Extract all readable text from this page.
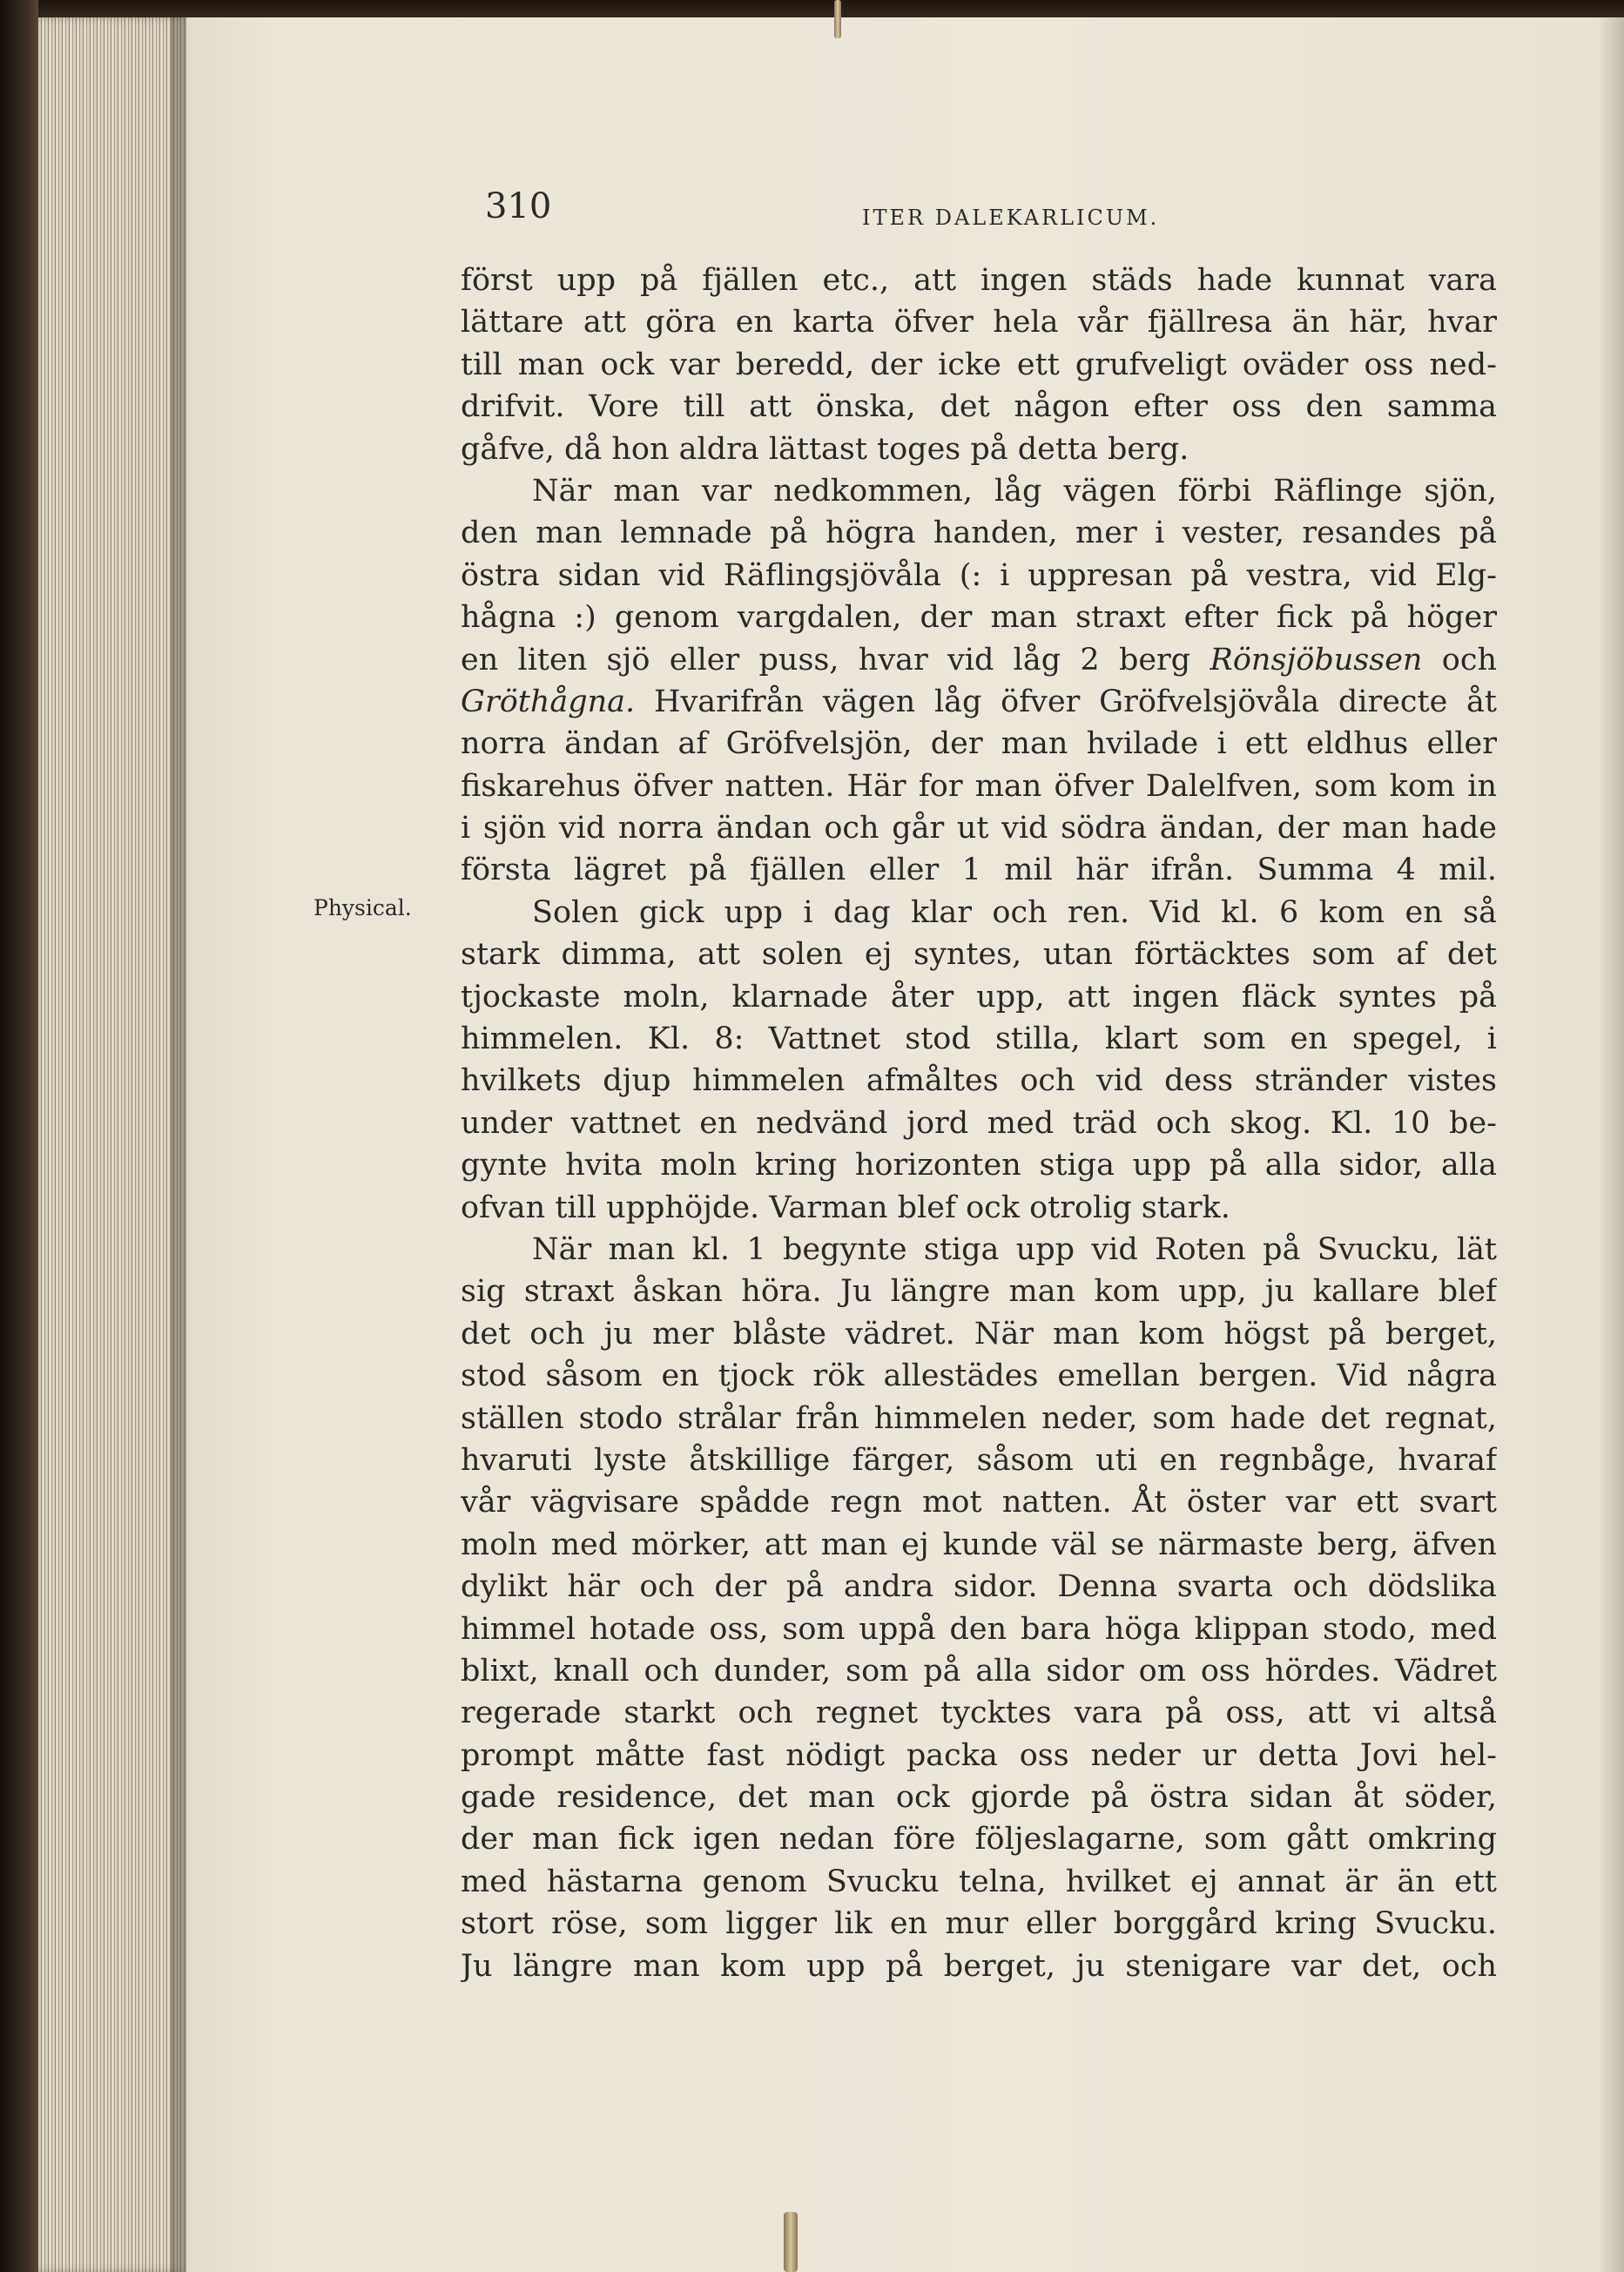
310	ITER DALEKARLICUM.
Physical.
först upp på fjällen etc., att ingen städs hade kunnat vara
lättare att göra en karta öfver hela vår fjällresa än här, hvar
till man ock var beredd, der icke ett grufveligt oväder oss ned-
drifvit. Vore till att önska, det någon efter oss den samma
gåfve, då hon aldra lättast toges på detta berg.
När man var nedkommen, låg vägen förbi Räflinge sjön,
den man lemnade på högra handen, mer i vester, resandes på
östra sidan vid Räflingsjövåla (: i uppresan på vestra, vid Elg-
hågna :) genom vargdalen, der man straxt efter fick på höger
en liten sjö eller puss, hvar vid låg 2 berg Rönsjöbussen och
Gröthågna. Hvarifrån vägen låg öfver Gröfvelsjövåla directe åt
norra ändan af Gröfvelsjön, der man hvilade i ett eldhus eller
fiskarehus öfver natten. Här for man öfver Dalelfven, som kom in
i sjön vid norra ändan och går ut vid södra ändan, der man hade
första lägret på fjällen eller 1 mil här ifrån. Summa 4 mil.
Solen gick upp i dag klar och ren. Vid kl. 6 kom en så
stark dimma, att solen ej syntes, utan förtäcktes som af det
tjockaste moln, klarnade åter upp, att ingen fläck syntes på
himmelen. Kl. 8: Vattnet stod stilla, klart som en spegel, i
hvilkets djup himmelen afmåltes och vid dess stränder vistes
under vattnet en nedvänd jord med träd och skog. Kl. 10 be-
gynte hvita moln kring horizonten stiga upp på alla sidor, alla
ofvan till upphöjde. Varman blef ock otrolig stark.
När man kl. 1 begynte stiga upp vid Roten på Svucku, lät
sig straxt åskan höra. Ju längre man kom upp, ju kallare blef
det och ju mer blåste vädret. När man kom högst på berget,
stod såsom en tjock rök allestädes emellan bergen. Vid några
ställen stodo strålar från himmelen neder, som hade det regnat,
hvaruti lyste åtskillige färger, såsom uti en regnbåge, hvaraf
vår vägvisare spådde regn mot natten. Åt öster var ett svart
moln med mörker, att man ej kunde väl se närmaste berg, äfven
dylikt här och der på andra sidor. Denna svarta och dödslika
himmel hotade oss, som uppå den bara höga klippan stodo, med
blixt, knall och dunder, som på alla sidor om oss hördes. Vädret
regerade starkt och regnet tycktes vara på oss, att vi altså
prompt måtte fast nödigt packa oss neder ur detta Jovi hel-
gade residence, det man ock gjorde på östra sidan åt söder,
der man fick igen nedan före följeslagarne, som gått omkring
med hästarna genom Svucku telna, hvilket ej annat är än ett
stort röse, som ligger lik en mur eller borggård kring Svucku.
Ju längre man kom upp på berget, ju stenigare var det, och
